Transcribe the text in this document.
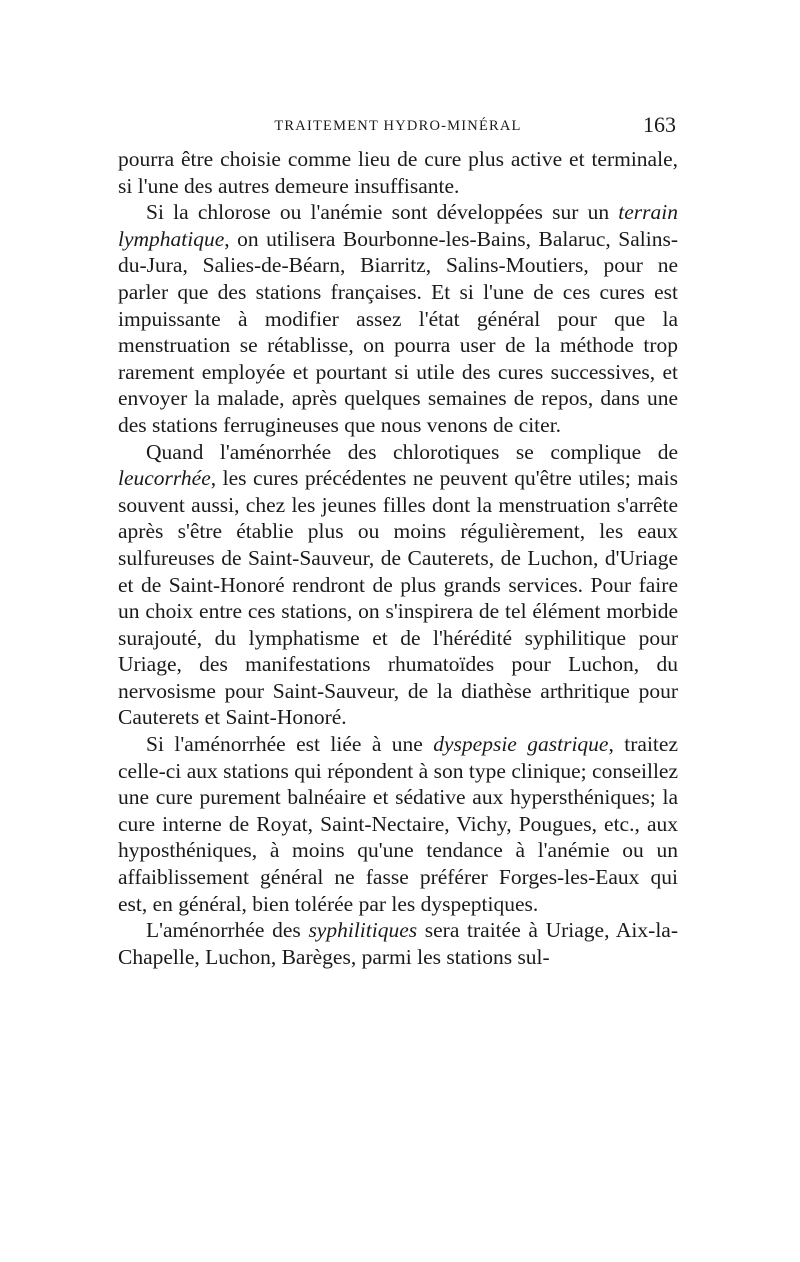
TRAITEMENT HYDRO-MINÉRAL	163

pourra être choisie comme lieu de cure plus active et terminale, si l'une des autres demeure insuffisante.

Si la chlorose ou l'anémie sont développées sur un terrain lymphatique, on utilisera Bourbonne-les-Bains, Balaruc, Salins-du-Jura, Salies-de-Béarn, Biarritz, Salins-Moutiers, pour ne parler que des stations françaises. Et si l'une de ces cures est impuissante à modifier assez l'état général pour que la menstruation se rétablisse, on pourra user de la méthode trop rarement employée et pourtant si utile des cures successives, et envoyer la malade, après quelques semaines de repos, dans une des stations ferrugineuses que nous venons de citer.

Quand l'aménorrhée des chlorotiques se complique de leucorrhée, les cures précédentes ne peuvent qu'être utiles; mais souvent aussi, chez les jeunes filles dont la menstruation s'arrête après s'être établie plus ou moins régulièrement, les eaux sulfureuses de Saint-Sauveur, de Cauterets, de Luchon, d'Uriage et de Saint-Honoré rendront de plus grands services. Pour faire un choix entre ces stations, on s'inspirera de tel élément morbide surajouté, du lymphatisme et de l'hérédité syphilitique pour Uriage, des manifestations rhumatoïdes pour Luchon, du nervosisme pour Saint-Sauveur, de la diathèse arthritique pour Cauterets et Saint-Honoré.

Si l'aménorrhée est liée à une dyspepsie gastrique, traitez celle-ci aux stations qui répondent à son type clinique; conseillez une cure purement balnéaire et sédative aux hypersthéniques; la cure interne de Royat, Saint-Nectaire, Vichy, Pougues, etc., aux hyposthéniques, à moins qu'une tendance à l'anémie ou un affaiblissement général ne fasse préférer Forges-les-Eaux qui est, en général, bien tolérée par les dyspeptiques.

L'aménorrhée des syphilitiques sera traitée à Uriage, Aix-la-Chapelle, Luchon, Barèges, parmi les stations sul-
